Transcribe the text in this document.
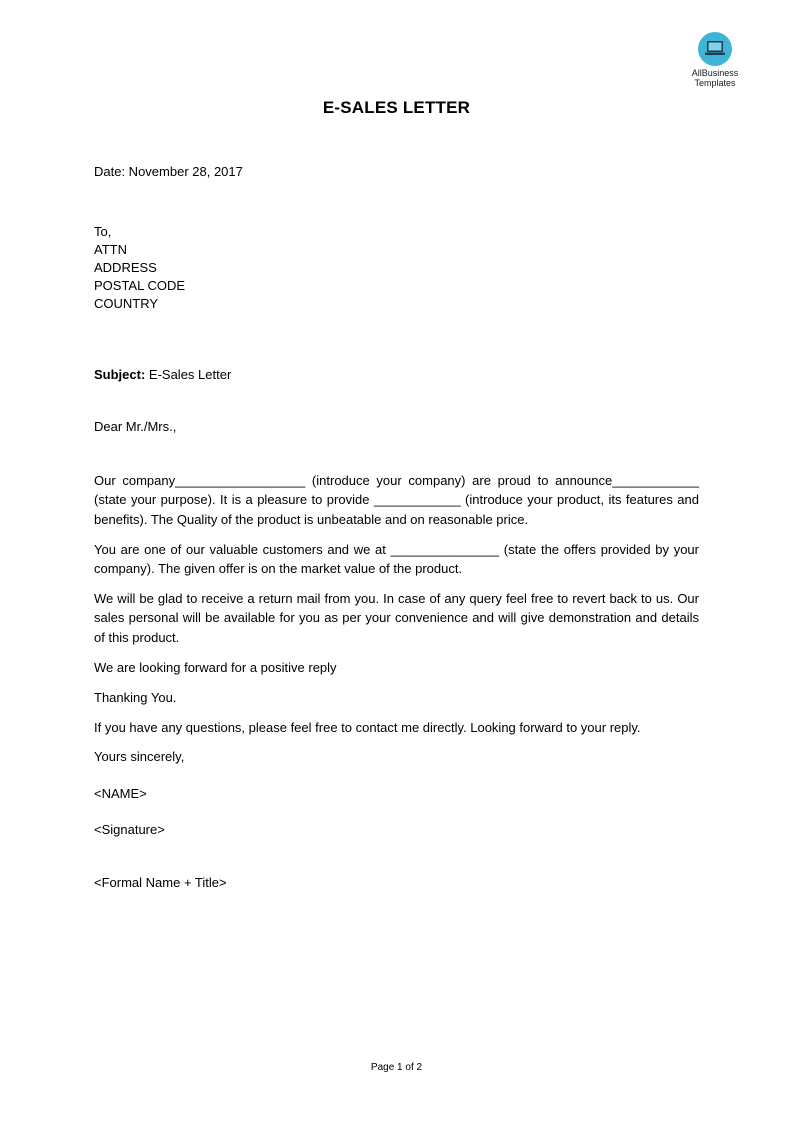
AllBusiness
Templates
E-SALES LETTER
Date: November 28, 2017
To,
ATTN
ADDRESS
POSTAL CODE
COUNTRY
Subject: E-Sales Letter
Dear Mr./Mrs.,
Our company__________________ (introduce your company) are proud to announce____________ (state your purpose). It is a pleasure to provide ____________ (introduce your product, its features and benefits). The Quality of the product is unbeatable and on reasonable price.
You are one of our valuable customers and we at _______________ (state the offers provided by your company). The given offer is on the market value of the product.
We will be glad to receive a return mail from you. In case of any query feel free to revert back to us. Our sales personal will be available for you as per your convenience and will give demonstration and details of this product.
We are looking forward for a positive reply
Thanking You.
If you have any questions, please feel free to contact me directly. Looking forward to your reply.
Yours sincerely,
<NAME>
<Signature>
<Formal Name + Title>
Page 1 of 2
